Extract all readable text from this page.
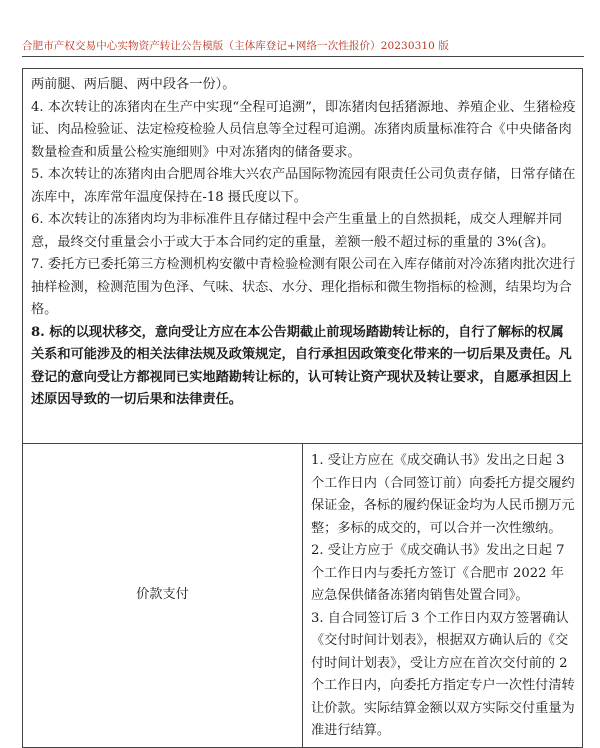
合肥市产权交易中心实物资产转让公告模版（主体库登记+网络一次性报价）20230310 版

两前腿、两后腿、两中段各一份）。

4. 本次转让的冻猪肉在生产中实现“全程可追溯”，即冻猪肉包括猪源地、养殖企业、生猪检疫证、肉品检验证、法定检疫检验人员信息等全过程可追溯。冻猪肉质量标准符合《中央储备肉数量检查和质量公检实施细则》中对冻猪肉的储备要求。

5. 本次转让的冻猪肉由合肥周谷堆大兴农产品国际物流园有限责任公司负责存储，日常存储在冻库中，冻库常年温度保持在-18 摄氏度以下。

6. 本次转让的冻猪肉均为非标准件且存储过程中会产生重量上的自然损耗，成交人理解并同意，最终交付重量会小于或大于本合同约定的重量，差额一般不超过标的重量的 3%(含)。

7. 委托方已委托第三方检测机构安徽中青检验检测有限公司在入库存储前对冷冻猪肉批次进行抽样检测，检测范围为色泽、气味、状态、水分、理化指标和微生物指标的检测，结果均为合格。

8. 标的以现状移交，意向受让方应在本公告期截止前现场踏勘转让标的，自行了解标的权属关系和可能涉及的相关法律法规及政策规定，自行承担因政策变化带来的一切后果及责任。凡登记的意向受让方都视同已实地踏勘转让标的，认可转让资产现状及转让要求，自愿承担因上述原因导致的一切后果和法律责任。

价款支付

1. 受让方应在《成交确认书》发出之日起 3 个工作日内（合同签订前）向委托方提交履约保证金，各标的履约保证金均为人民币捌万元整；多标的成交的，可以合并一次性缴纳。

2. 受让方应于《成交确认书》发出之日起 7 个工作日内与委托方签订《合肥市 2022 年应急保供储备冻猪肉销售处置合同》。

3. 自合同签订后 3 个工作日内双方签署确认《交付时间计划表》，根据双方确认后的《交付时间计划表》，受让方应在首次交付前的 2 个工作日内，向委托方指定专户一次性付清转让价款。实际结算金额以双方实际交付重量为准进行结算。
